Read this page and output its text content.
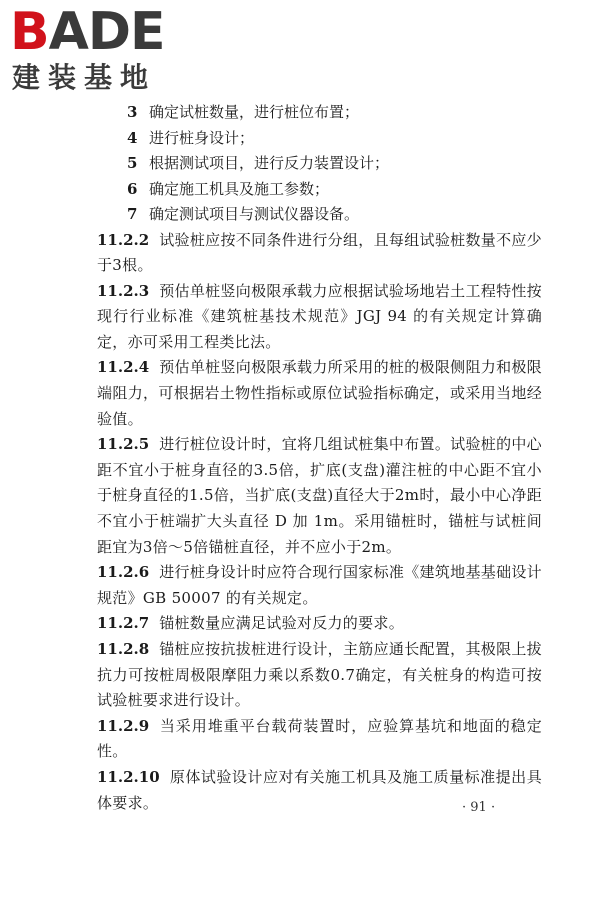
BADE
建装基地
3 确定试桩数量，进行桩位布置；
4 进行桩身设计；
5 根据测试项目，进行反力装置设计；
6 确定施工机具及施工参数；
7 确定测试项目与测试仪器设备。
11.2.2 试验桩应按不同条件进行分组，且每组试验桩数量不应少于3根。
11.2.3 预估单桩竖向极限承载力应根据试验场地岩土工程特性按现行行业标准《建筑桩基技术规范》JGJ 94 的有关规定计算确定，亦可采用工程类比法。
11.2.4 预估单桩竖向极限承载力所采用的桩的极限侧阻力和极限端阻力，可根据岩土物性指标或原位试验指标确定，或采用当地经验值。
11.2.5 进行桩位设计时，宜将几组试桩集中布置。试验桩的中心距不宜小于桩身直径的3.5倍，扩底(支盘)灌注桩的中心距不宜小于桩身直径的1.5倍，当扩底(支盘)直径大于2m时，最小中心净距不宜小于桩端扩大头直径 D 加 1m。采用锚桩时，锚桩与试桩间距宜为3倍～5倍锚桩直径，并不应小于2m。
11.2.6 进行桩身设计时应符合现行国家标准《建筑地基基础设计规范》GB 50007 的有关规定。
11.2.7 锚桩数量应满足试验对反力的要求。
11.2.8 锚桩应按抗拔桩进行设计，主筋应通长配置，其极限上拔抗力可按桩周极限摩阻力乘以系数0.7确定，有关桩身的构造可按试验桩要求进行设计。
11.2.9 当采用堆重平台载荷装置时，应验算基坑和地面的稳定性。
11.2.10 原体试验设计应对有关施工机具及施工质量标准提出具体要求。	· 91 ·
